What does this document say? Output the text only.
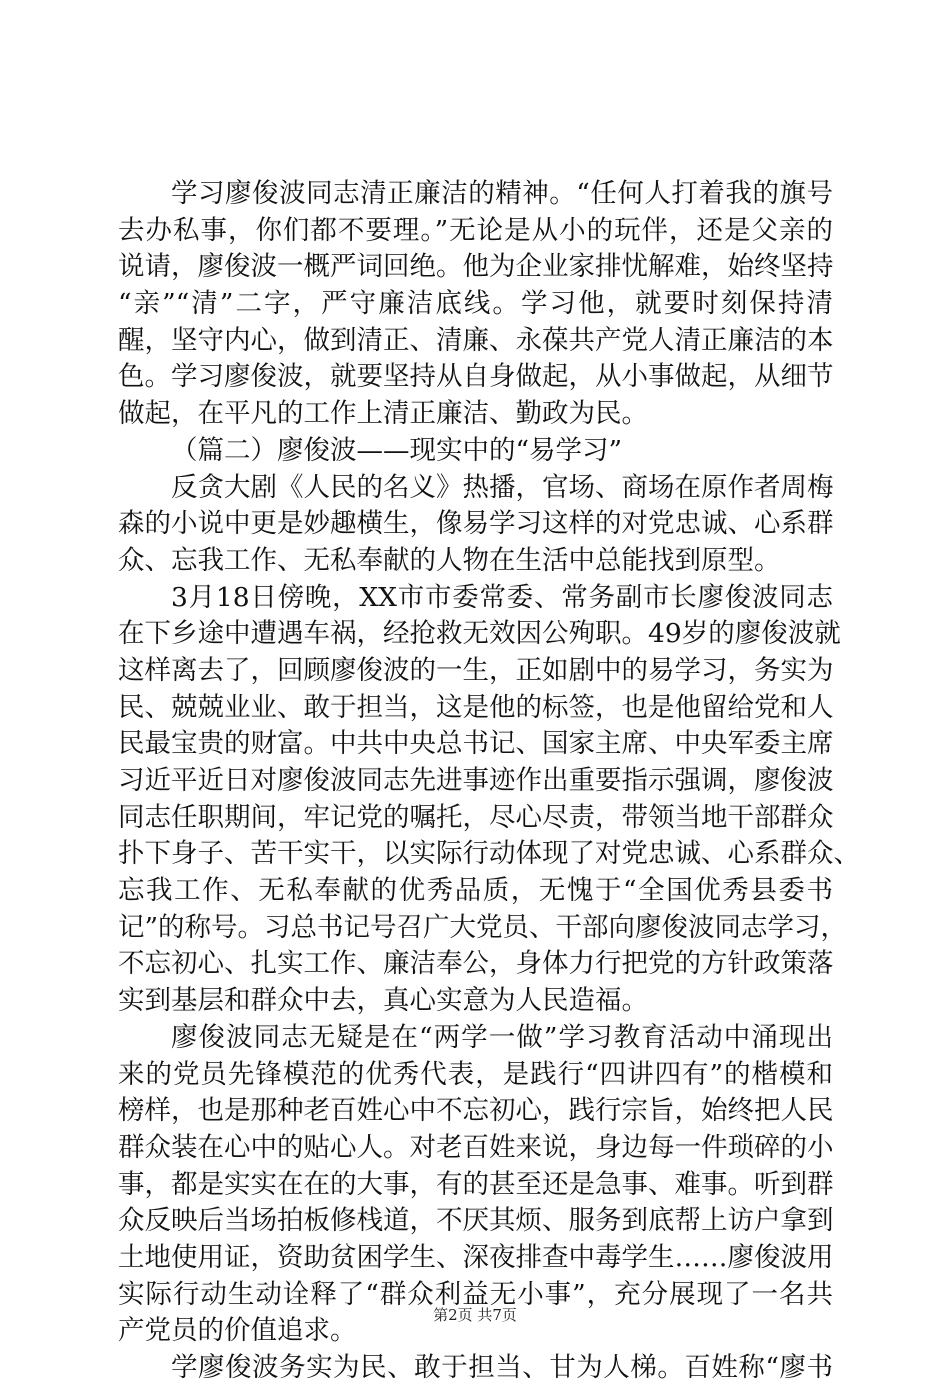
学习廖俊波同志清正廉洁的精神。“任何人打着我的旗号
去办私事，你们都不要理。”无论是从小的玩伴，还是父亲的
说请，廖俊波一概严词回绝。他为企业家排忧解难，始终坚持
“亲”“清”二字，严守廉洁底线。学习他，就要时刻保持清
醒，坚守内心，做到清正、清廉、永葆共产党人清正廉洁的本
色。学习廖俊波，就要坚持从自身做起，从小事做起，从细节
做起，在平凡的工作上清正廉洁、勤政为民。
（篇二）廖俊波——现实中的“易学习”
反贪大剧《人民的名义》热播，官场、商场在原作者周梅
森的小说中更是妙趣横生，像易学习这样的对党忠诚、心系群
众、忘我工作、无私奉献的人物在生活中总能找到原型。
3月18日傍晚，XX市市委常委、常务副市长廖俊波同志
在下乡途中遭遇车祸，经抢救无效因公殉职。49岁的廖俊波就
这样离去了，回顾廖俊波的一生，正如剧中的易学习，务实为
民、兢兢业业、敢于担当，这是他的标签，也是他留给党和人
民最宝贵的财富。中共中央总书记、国家主席、中央军委主席
习近平近日对廖俊波同志先进事迹作出重要指示强调，廖俊波
同志任职期间，牢记党的嘱托，尽心尽责，带领当地干部群众
扑下身子、苦干实干，以实际行动体现了对党忠诚、心系群众、
忘我工作、无私奉献的优秀品质，无愧于“全国优秀县委书
记”的称号。习总书记号召广大党员、干部向廖俊波同志学习，
不忘初心、扎实工作、廉洁奉公，身体力行把党的方针政策落
实到基层和群众中去，真心实意为人民造福。
廖俊波同志无疑是在“两学一做”学习教育活动中涌现出
来的党员先锋模范的优秀代表，是践行“四讲四有”的楷模和
榜样，也是那种老百姓心中不忘初心，践行宗旨，始终把人民
群众装在心中的贴心人。对老百姓来说，身边每一件琐碎的小
事，都是实实在在的大事，有的甚至还是急事、难事。听到群
众反映后当场拍板修栈道，不厌其烦、服务到底帮上访户拿到
土地使用证，资助贫困学生、深夜排查中毒学生……廖俊波用
实际行动生动诠释了“群众利益无小事”，充分展现了一名共
产党员的价值追求。
学廖俊波务实为民、敢于担当、甘为人梯。百姓称“廖书
第2页 共7页
